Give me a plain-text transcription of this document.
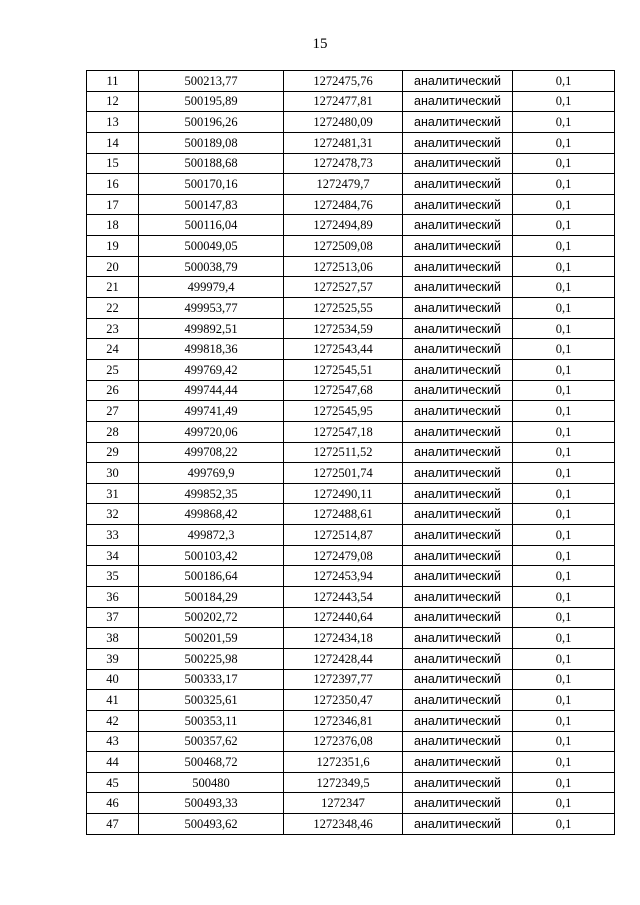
15
11	500213,77	1272475,76	аналитический	0,1
12	500195,89	1272477,81	аналитический	0,1
13	500196,26	1272480,09	аналитический	0,1
14	500189,08	1272481,31	аналитический	0,1
15	500188,68	1272478,73	аналитический	0,1
16	500170,16	1272479,7	аналитический	0,1
17	500147,83	1272484,76	аналитический	0,1
18	500116,04	1272494,89	аналитический	0,1
19	500049,05	1272509,08	аналитический	0,1
20	500038,79	1272513,06	аналитический	0,1
21	499979,4	1272527,57	аналитический	0,1
22	499953,77	1272525,55	аналитический	0,1
23	499892,51	1272534,59	аналитический	0,1
24	499818,36	1272543,44	аналитический	0,1
25	499769,42	1272545,51	аналитический	0,1
26	499744,44	1272547,68	аналитический	0,1
27	499741,49	1272545,95	аналитический	0,1
28	499720,06	1272547,18	аналитический	0,1
29	499708,22	1272511,52	аналитический	0,1
30	499769,9	1272501,74	аналитический	0,1
31	499852,35	1272490,11	аналитический	0,1
32	499868,42	1272488,61	аналитический	0,1
33	499872,3	1272514,87	аналитический	0,1
34	500103,42	1272479,08	аналитический	0,1
35	500186,64	1272453,94	аналитический	0,1
36	500184,29	1272443,54	аналитический	0,1
37	500202,72	1272440,64	аналитический	0,1
38	500201,59	1272434,18	аналитический	0,1
39	500225,98	1272428,44	аналитический	0,1
40	500333,17	1272397,77	аналитический	0,1
41	500325,61	1272350,47	аналитический	0,1
42	500353,11	1272346,81	аналитический	0,1
43	500357,62	1272376,08	аналитический	0,1
44	500468,72	1272351,6	аналитический	0,1
45	500480	1272349,5	аналитический	0,1
46	500493,33	1272347	аналитический	0,1
47	500493,62	1272348,46	аналитический	0,1
